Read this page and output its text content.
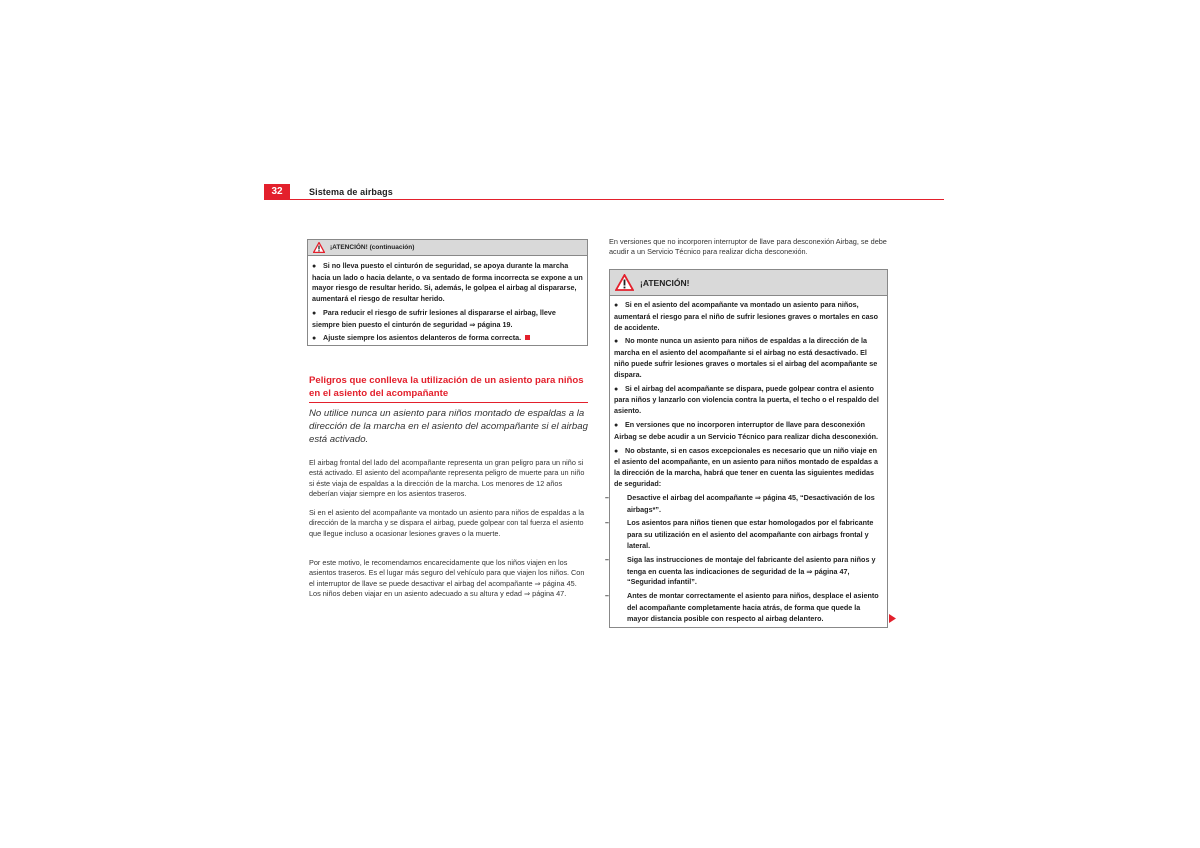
32	Sistema de airbags
¡ATENCIÓN! (continuación)

● Si no lleva puesto el cinturón de seguridad, se apoya durante la marcha hacia un lado o hacia delante, o va sentado de forma incorrecta se expone a un mayor riesgo de resultar herido. Si, además, le golpea el airbag al dispararse, aumentará el riesgo de resultar herido.

● Para reducir el riesgo de sufrir lesiones al dispararse el airbag, lleve siempre bien puesto el cinturón de seguridad ⇒ página 19.

● Ajuste siempre los asientos delanteros de forma correcta.

Peligros que conlleva la utilización de un asiento para niños en el asiento del acompañante
No utilice nunca un asiento para niños montado de espaldas a la dirección de la marcha en el asiento del acompañante si el airbag está activado.
El airbag frontal del lado del acompañante representa un gran peligro para un niño si está activado. El asiento del acompañante representa peligro de muerte para un niño si éste viaja de espaldas a la dirección de la marcha. Los menores de 12 años deberían viajar siempre en los asientos traseros.
Si en el asiento del acompañante va montado un asiento para niños de espaldas a la dirección de la marcha y se dispara el airbag, puede golpear con tal fuerza el asiento que llegue incluso a ocasionar lesiones graves o la muerte.
Por este motivo, le recomendamos encarecidamente que los niños viajen en los asientos traseros. Es el lugar más seguro del vehículo para que viajen los niños. Con el interruptor de llave se puede desactivar el airbag del acompañante ⇒ página 45. Los niños deben viajar en un asiento adecuado a su altura y edad ⇒ página 47.
En versiones que no incorporen interruptor de llave para desconexión Airbag, se debe acudir a un Servicio Técnico para realizar dicha desconexión.
¡ATENCIÓN!

● Si en el asiento del acompañante va montado un asiento para niños, aumentará el riesgo para el niño de sufrir lesiones graves o mortales en caso de accidente.

● No monte nunca un asiento para niños de espaldas a la dirección de la marcha en el asiento del acompañante si el airbag no está desactivado. El niño puede sufrir lesiones graves o mortales si el airbag del acompañante se dispara.

● Si el airbag del acompañante se dispara, puede golpear contra el asiento para niños y lanzarlo con violencia contra la puerta, el techo o el respaldo del asiento.

● En versiones que no incorporen interruptor de llave para desconexión Airbag se debe acudir a un Servicio Técnico para realizar dicha desconexión.

● No obstante, si en casos excepcionales es necesario que un niño viaje en el asiento del acompañante, en un asiento para niños montado de espaldas a la dirección de la marcha, habrá que tener en cuenta las siguientes medidas de seguridad:

–	Desactive el airbag del acompañante ⇒ página 45, “Desactivación de los airbags*”.

–	Los asientos para niños tienen que estar homologados por el fabricante para su utilización en el asiento del acompañante con airbags frontal y lateral.

–	Siga las instrucciones de montaje del fabricante del asiento para niños y tenga en cuenta las indicaciones de seguridad de la ⇒ página 47, “Seguridad infantil”.

–	Antes de montar correctamente el asiento para niños, desplace el asiento del acompañante completamente hacia atrás, de forma que quede la mayor distancia posible con respecto al airbag delantero.
